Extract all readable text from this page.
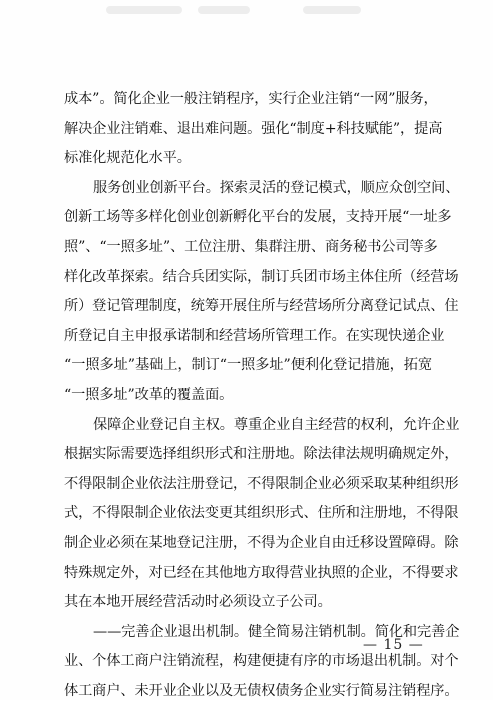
成本”。简化企业一般注销程序，实行企业注销“一网”服务，
解决企业注销难、退出难问题。强化“制度+科技赋能”，提高
标准化规范化水平。
服务创业创新平台。探索灵活的登记模式，顺应众创空间、
创新工场等多样化创业创新孵化平台的发展，支持开展“一址多
照”、“一照多址”、工位注册、集群注册、商务秘书公司等多
样化改革探索。结合兵团实际，制订兵团市场主体住所（经营场
所）登记管理制度，统筹开展住所与经营场所分离登记试点、住
所登记自主申报承诺制和经营场所管理工作。在实现快递企业
“一照多址”基础上，制订“一照多址”便利化登记措施，拓宽
“一照多址”改革的覆盖面。
保障企业登记自主权。尊重企业自主经营的权利，允许企业
根据实际需要选择组织形式和注册地。除法律法规明确规定外，
不得限制企业依法注册登记，不得限制企业必须采取某种组织形
式，不得限制企业依法变更其组织形式、住所和注册地，不得限
制企业必须在某地登记注册，不得为企业自由迁移设置障碍。除
特殊规定外，对已经在其他地方取得营业执照的企业，不得要求
其在本地开展经营活动时必须设立子公司。
——完善企业退出机制。健全简易注销机制。简化和完善企
业、个体工商户注销流程，构建便捷有序的市场退出机制。对个
体工商户、未开业企业以及无债权债务企业实行简易注销程序。
— 15 —
